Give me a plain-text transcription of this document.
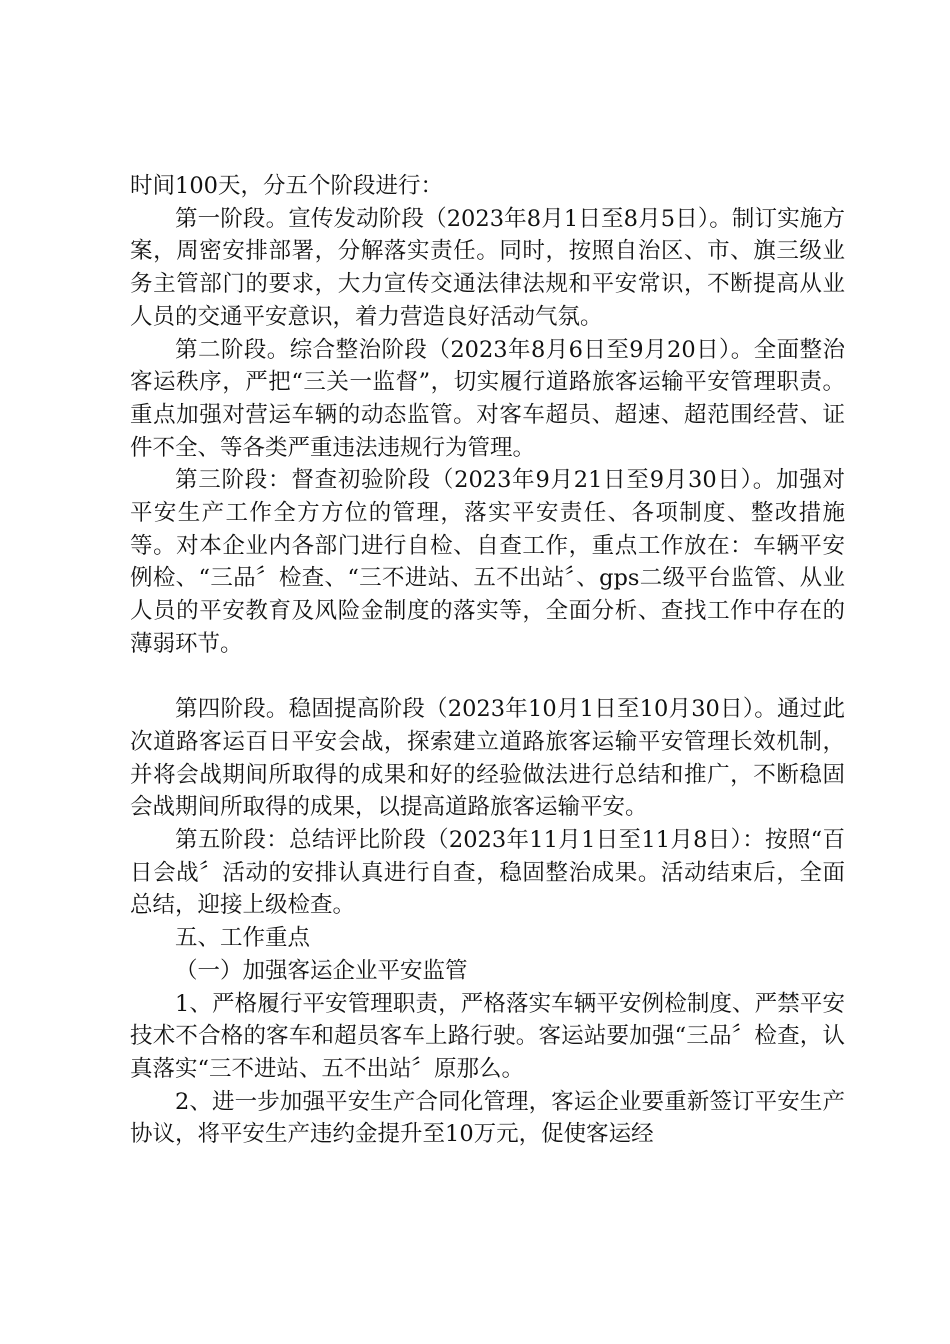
时间100天，分五个阶段进行：

第一阶段。宣传发动阶段（2023年8月1日至8月5日）。制订实施方案，周密安排部署，分解落实责任。同时，按照自治区、市、旗三级业务主管部门的要求，大力宣传交通法律法规和平安常识，不断提高从业人员的交通平安意识，着力营造良好活动气氛。

第二阶段。综合整治阶段（2023年8月6日至9月20日）。全面整治客运秩序，严把“三关一监督”，切实履行道路旅客运输平安管理职责。重点加强对营运车辆的动态监管。对客车超员、超速、超范围经营、证件不全、等各类严重违法违规行为管理。

第三阶段：督查初验阶段（2023年9月21日至9月30日）。加强对平安生产工作全方方位的管理，落实平安责任、各项制度、整改措施等。对本企业内各部门进行自检、自查工作，重点工作放在：车辆平安例检、“三品〞检查、“三不进站、五不出站〞、gps二级平台监管、从业人员的平安教育及风险金制度的落实等，全面分析、查找工作中存在的薄弱环节。

第四阶段。稳固提高阶段（2023年10月1日至10月30日）。通过此次道路客运百日平安会战，探索建立道路旅客运输平安管理长效机制，并将会战期间所取得的成果和好的经验做法进行总结和推广，不断稳固会战期间所取得的成果，以提高道路旅客运输平安。

第五阶段：总结评比阶段（2023年11月1日至11月8日）：按照“百日会战〞活动的安排认真进行自查，稳固整治成果。活动结束后，全面总结，迎接上级检查。

五、工作重点

（一）加强客运企业平安监管

1、严格履行平安管理职责，严格落实车辆平安例检制度、严禁平安技术不合格的客车和超员客车上路行驶。客运站要加强“三品〞检查，认真落实“三不进站、五不出站〞原那么。

2、进一步加强平安生产合同化管理，客运企业要重新签订平安生产协议，将平安生产违约金提升至10万元，促使客运经
